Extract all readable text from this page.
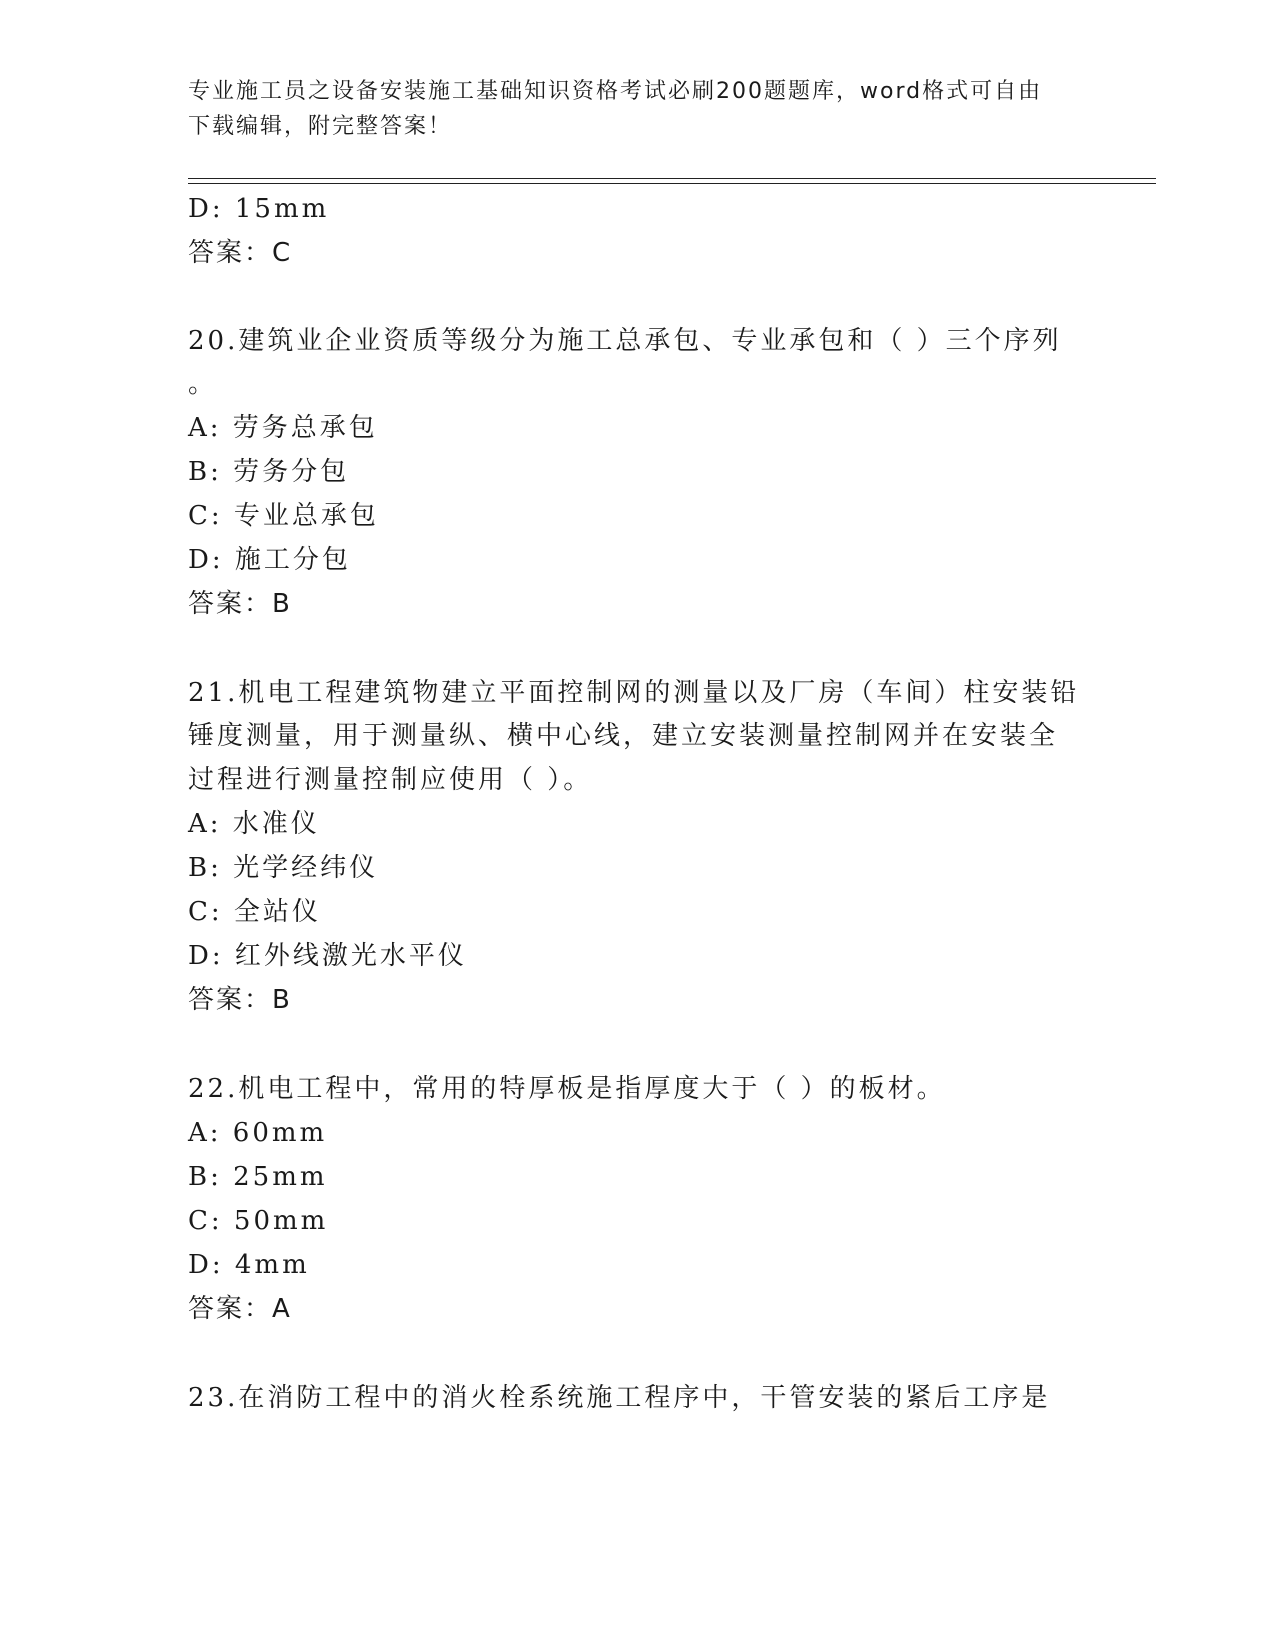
专业施工员之设备安装施工基础知识资格考试必刷200题题库，word格式可自由
下载编辑，附完整答案！
D: 15mm
答案：C
20.建筑业企业资质等级分为施工总承包、专业承包和（ ）三个序列
。
A: 劳务总承包
B: 劳务分包
C: 专业总承包
D: 施工分包
答案：B
21.机电工程建筑物建立平面控制网的测量以及厂房（车间）柱安装铅
锤度测量，用于测量纵、横中心线，建立安装测量控制网并在安装全
过程进行测量控制应使用（ ）。
A: 水准仪
B: 光学经纬仪
C: 全站仪
D: 红外线激光水平仪
答案：B
22.机电工程中，常用的特厚板是指厚度大于（ ）的板材。
A: 60mm
B: 25mm
C: 50mm
D: 4mm
答案：A
23.在消防工程中的消火栓系统施工程序中，干管安装的紧后工序是
